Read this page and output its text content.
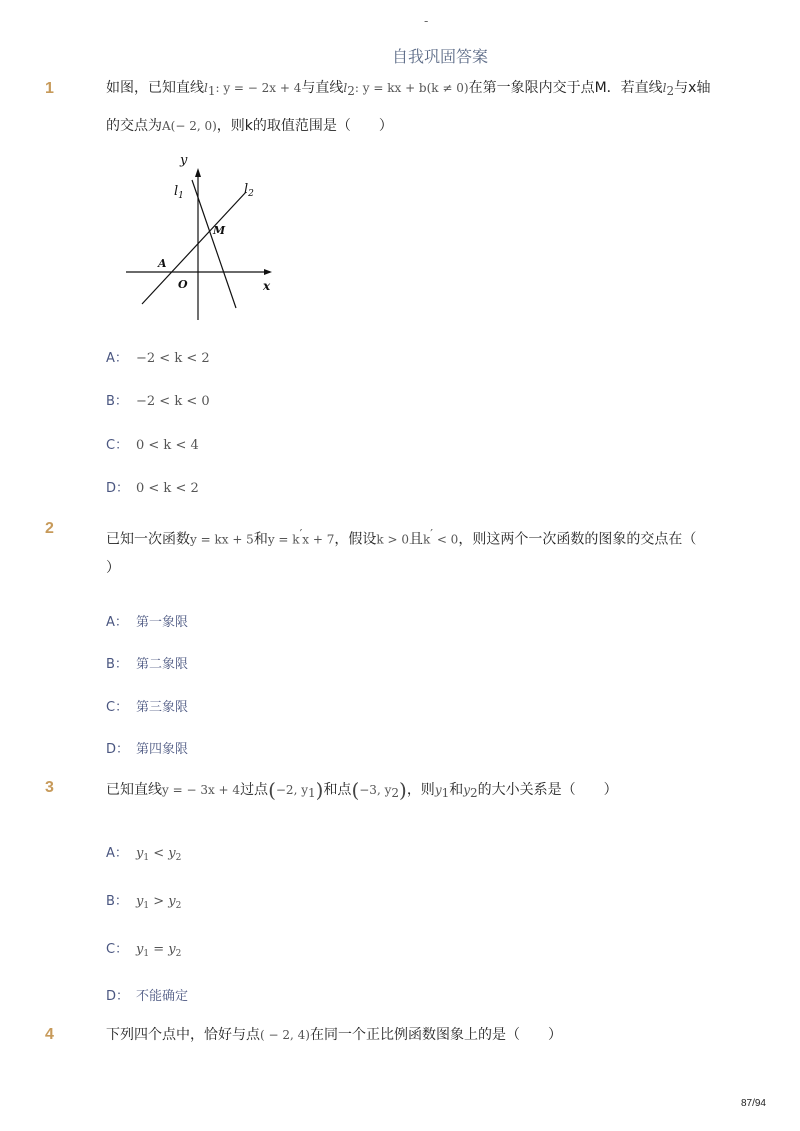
-
自我巩固答案
1	如图，已知直线$l_1$: y = − 2x + 4与直线$l_2$: y = kx + b(k ≠ 0)在第一象限内交于点M．若直线$l_2$与x轴
的交点为A(− 2, 0)，则k的取值范围是（　　）
y
x
O
A
M
$l_1$	$l_2$
A： −2 < k < 2
B： −2 < k < 0
C： 0 < k < 4
D： 0 < k < 2
2
已知一次函数y = kx + 5和y = k′x + 7，假设k > 0且k′ < 0，则这两个一次函数的图象的交点在（
）
A： 第一象限
B： 第二象限
C： 第三象限
D： 第四象限
3	已知直线y = − 3x + 4过点(−2, $y_1$)和点(−3, $y_2$)，则$y_1$和$y_2$的大小关系是（　　）
A： $y_1 < y_2$
B： $y_1 > y_2$
C： $y_1 = y_2$
D： 不能确定
4	下列四个点中，恰好与点( − 2, 4)在同一个正比例函数图象上的是（　　）
87/94
